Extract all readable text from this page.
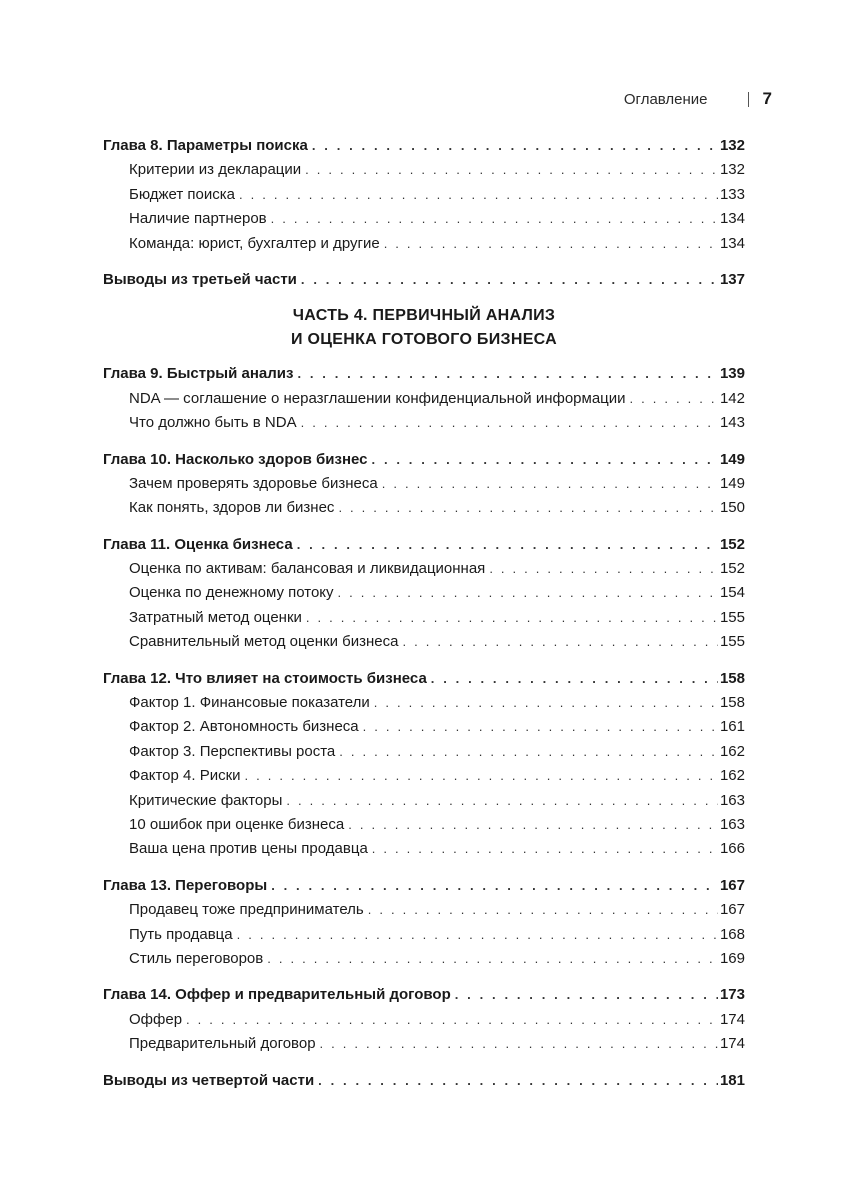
Оглавление	7
Глава 8. Параметры поиска . . .	132
Критерии из декларации . . .	132
Бюджет поиска . . .	133
Наличие партнеров . . .	134
Команда: юрист, бухгалтер и другие . . .	134
Выводы из третьей части . . .	137
ЧАСТЬ 4. ПЕРВИЧНЫЙ АНАЛИЗ
И ОЦЕНКА ГОТОВОГО БИЗНЕСА
Глава 9. Быстрый анализ . . .	139
NDA — соглашение о неразглашении конфиденциальной информации . . .	142
Что должно быть в NDA . . .	143
Глава 10. Насколько здоров бизнес . . .	149
Зачем проверять здоровье бизнеса . . .	149
Как понять, здоров ли бизнес . . .	150
Глава 11. Оценка бизнеса . . .	152
Оценка по активам: балансовая и ликвидационная . . .	152
Оценка по денежному потоку . . .	154
Затратный метод оценки . . .	155
Сравнительный метод оценки бизнеса . . .	155
Глава 12. Что влияет на стоимость бизнеса . . .	158
Фактор 1. Финансовые показатели . . .	158
Фактор 2. Автономность бизнеса . . .	161
Фактор 3. Перспективы роста . . .	162
Фактор 4. Риски . . .	162
Критические факторы . . .	163
10 ошибок при оценке бизнеса . . .	163
Ваша цена против цены продавца . . .	166
Глава 13. Переговоры . . .	167
Продавец тоже предприниматель . . .	167
Путь продавца . . .	168
Стиль переговоров . . .	169
Глава 14. Оффер и предварительный договор . . .	173
Оффер . . .	174
Предварительный договор . . .	174
Выводы из четвертой части . . .	181
